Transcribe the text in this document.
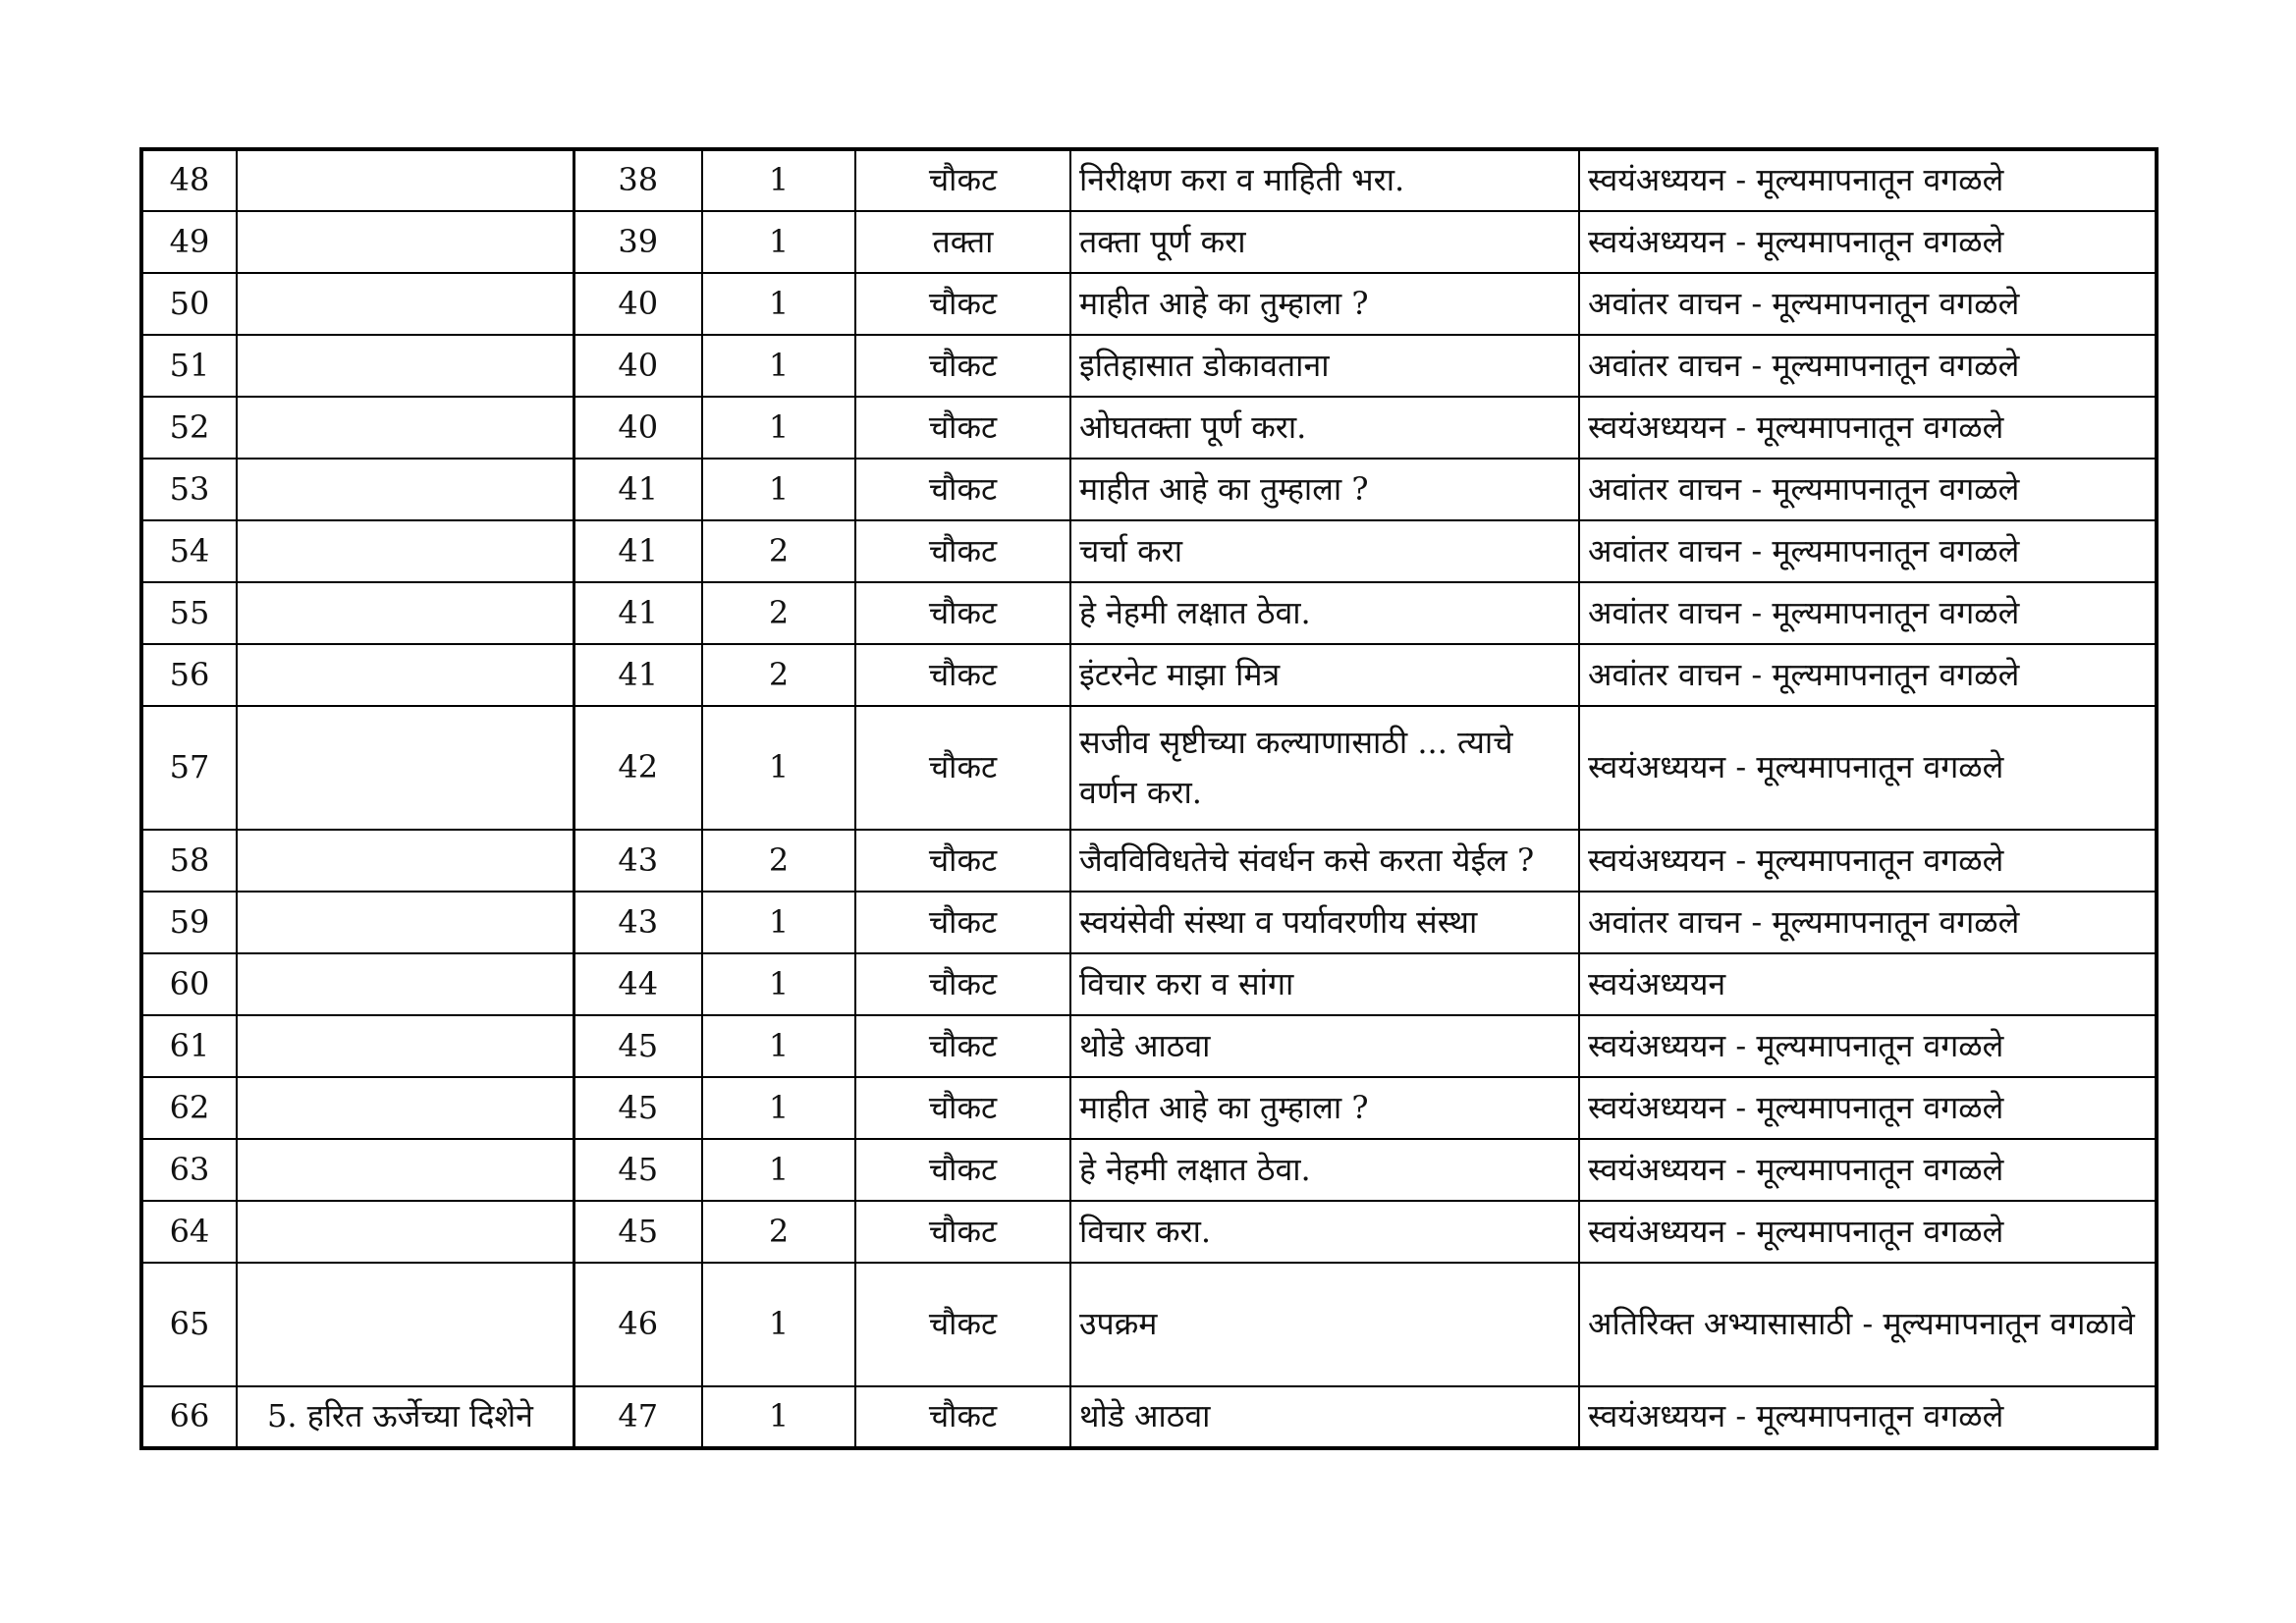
48		38	1	चौकट	निरीक्षण करा व माहिती भरा.	स्वयंअध्ययन - मूल्यमापनातून वगळले
49		39	1	तक्ता	तक्ता पूर्ण करा	स्वयंअध्ययन - मूल्यमापनातून वगळले
50		40	1	चौकट	माहीत आहे का तुम्हाला ?	अवांतर वाचन - मूल्यमापनातून वगळले
51		40	1	चौकट	इतिहासात डोकावताना	अवांतर वाचन - मूल्यमापनातून वगळले
52		40	1	चौकट	ओघतक्ता पूर्ण करा.	स्वयंअध्ययन - मूल्यमापनातून वगळले
53		41	1	चौकट	माहीत आहे का तुम्हाला ?	अवांतर वाचन - मूल्यमापनातून वगळले
54		41	2	चौकट	चर्चा करा	अवांतर वाचन - मूल्यमापनातून वगळले
55		41	2	चौकट	हे नेहमी लक्षात ठेवा.	अवांतर वाचन - मूल्यमापनातून वगळले
56		41	2	चौकट	इंटरनेट माझा मित्र	अवांतर वाचन - मूल्यमापनातून वगळले
57		42	1	चौकट	सजीव सृष्टीच्या कल्याणासाठी ... त्याचे वर्णन करा.	स्वयंअध्ययन - मूल्यमापनातून वगळले
58		43	2	चौकट	जैवविविधतेचे संवर्धन कसे करता येईल ?	स्वयंअध्ययन - मूल्यमापनातून वगळले
59		43	1	चौकट	स्वयंसेवी संस्था व पर्यावरणीय संस्था	अवांतर वाचन - मूल्यमापनातून वगळले
60		44	1	चौकट	विचार करा व सांगा	स्वयंअध्ययन
61		45	1	चौकट	थोडे आठवा	स्वयंअध्ययन - मूल्यमापनातून वगळले
62		45	1	चौकट	माहीत आहे का तुम्हाला ?	स्वयंअध्ययन - मूल्यमापनातून वगळले
63		45	1	चौकट	हे नेहमी लक्षात ठेवा.	स्वयंअध्ययन - मूल्यमापनातून वगळले
64		45	2	चौकट	विचार करा.	स्वयंअध्ययन - मूल्यमापनातून वगळले
65		46	1	चौकट	उपक्रम	अतिरिक्त अभ्यासासाठी - मूल्यमापनातून वगळावे
66	5. हरित ऊर्जेच्या दिशेने	47	1	चौकट	थोडे आठवा	स्वयंअध्ययन - मूल्यमापनातून वगळले
